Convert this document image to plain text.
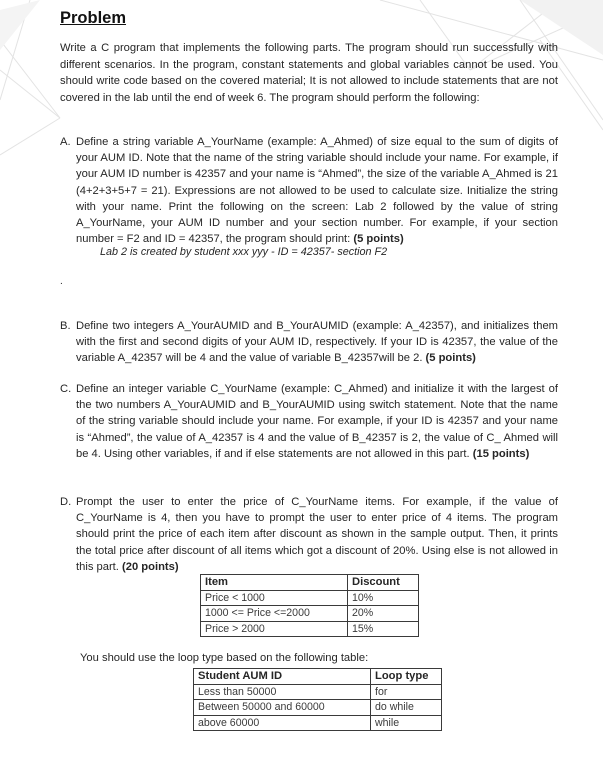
Problem

Write a C program that implements the following parts. The program should run successfully with different scenarios. In the program, constant statements and global variables cannot be used. You should write code based on the covered material; It is not allowed to include statements that are not covered in the lab until the end of week 6. The program should perform the following:

A. Define a string variable A_YourName (example: A_Ahmed) of size equal to the sum of digits of your AUM ID. Note that the name of the string variable should include your name. For example, if your AUM ID number is 42357 and your name is “Ahmed”, the size of the variable A_Ahmed is 21 (4+2+3+5+7 = 21). Expressions are not allowed to be used to calculate size. Initialize the string with your name. Print the following on the screen: Lab 2 followed by the value of string A_YourName, your AUM ID number and your section number. For example, if your section number = F2 and ID = 42357, the program should print: (5 points)

Lab 2 is created by student xxx yyy - ID = 42357- section F2

.
B. Define two integers A_YourAUMID and B_YourAUMID (example: A_42357), and initializes them with the first and second digits of your AUM ID, respectively. If your ID is 42357, the value of the variable A_42357 will be 4 and the value of variable B_42357will be 2. (5 points)
C. Define an integer variable C_YourName (example: C_Ahmed) and initialize it with the largest of the two numbers A_YourAUMID and B_YourAUMID using switch statement. Note that the name of the string variable should include your name. For example, if your ID is 42357 and your name is “Ahmed”, the value of A_42357 is 4 and the value of B_42357 is 2, the value of C_ Ahmed will be 4. Using other variables, if and if else statements are not allowed in this part. (15 points)
D. Prompt the user to enter the price of C_YourName items. For example, if the value of C_YourName is 4, then you have to prompt the user to enter price of 4 items. The program should print the price of each item after discount as shown in the sample output. Then, it prints the total price after discount of all items which got a discount of 20%. Using else is not allowed in this part. (20 points)
Item	Discount
Price < 1000	10%
1000 <= Price <=2000	20%
Price > 2000	15%

You should use the loop type based on the following table:

Student AUM ID	Loop type
Less than 50000	for
Between 50000 and 60000	do while
above 60000	while
